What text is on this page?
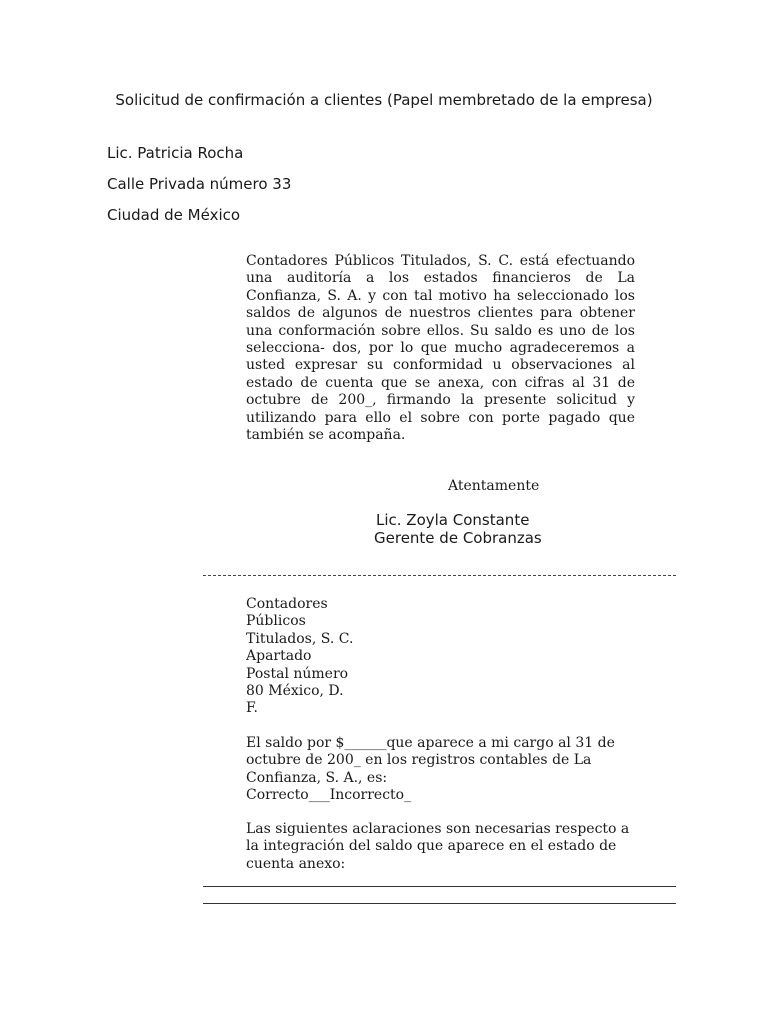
Solicitud de confirmación a clientes (Papel membretado de la empresa)
Lic. Patricia Rocha
Calle Privada número 33
Ciudad de México

Contadores Públicos Titulados, S. C. está efectuando una auditoría a los estados financieros de La Confianza, S. A. y con tal motivo ha seleccionado los saldos de algunos de nuestros clientes para obtener una conformación sobre ellos. Su saldo es uno de los selecciona- dos, por lo que mucho agradeceremos a usted expresar su conformidad u observaciones al estado de cuenta que se anexa, con cifras al 31 de octubre de 200_, firmando la presente solicitud y utilizando para ello el sobre con porte pagado que también se acompaña.

Atentamente
Lic. Zoyla Constante
Gerente de Cobranzas
Contadores
Públicos
Titulados, S. C.
Apartado
Postal número
80 México, D.
F.

El saldo por $______que aparece a mi cargo al 31 de octubre de 200_ en los registros contables de La Confianza, S. A., es:

Correcto___Incorrecto_

Las siguientes aclaraciones son necesarias respecto a la integración del saldo que aparece en el estado de cuenta anexo:
